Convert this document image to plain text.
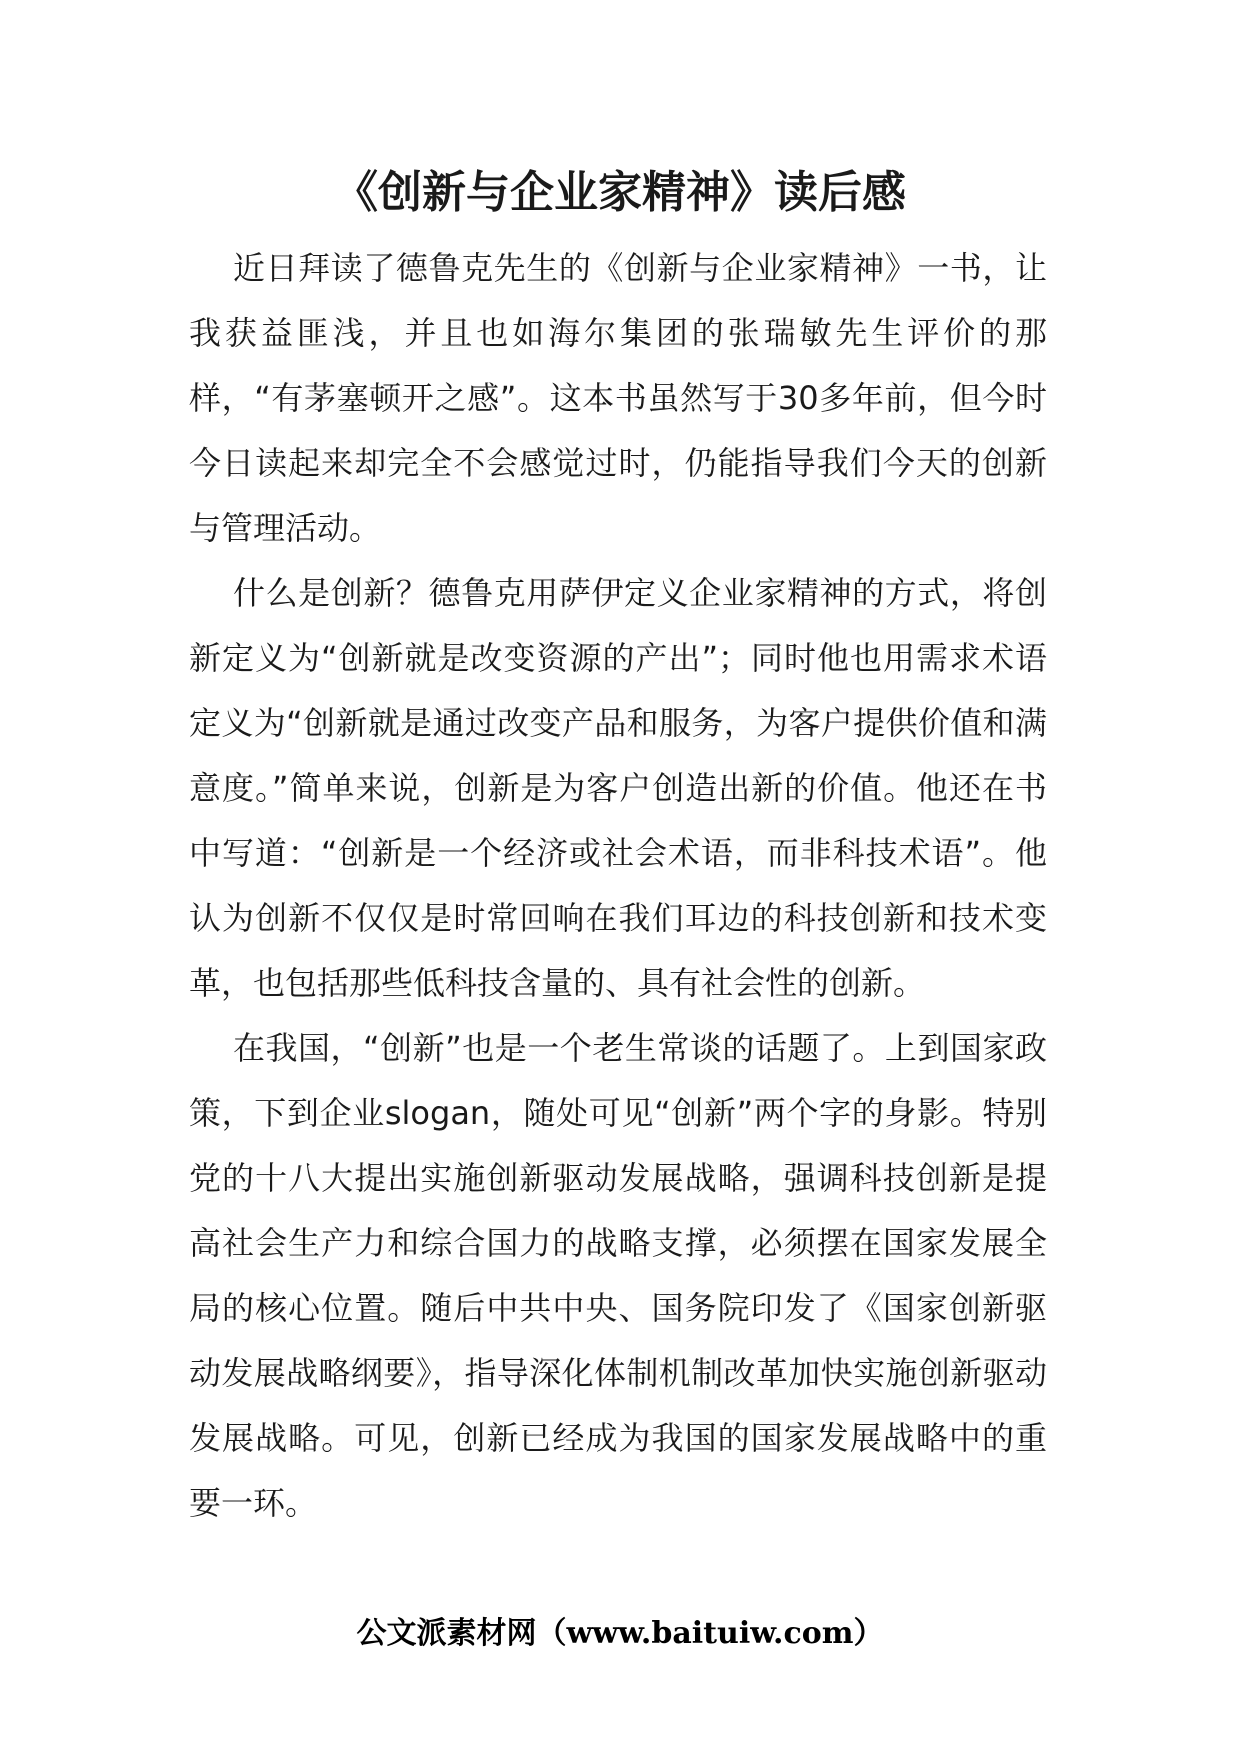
《创新与企业家精神》读后感

近日拜读了德鲁克先生的《创新与企业家精神》一书，让我获益匪浅，并且也如海尔集团的张瑞敏先生评价的那样，“有茅塞顿开之感”。这本书虽然写于30多年前，但今时今日读起来却完全不会感觉过时，仍能指导我们今天的创新与管理活动。

什么是创新？德鲁克用萨伊定义企业家精神的方式，将创新定义为“创新就是改变资源的产出”；同时他也用需求术语定义为“创新就是通过改变产品和服务，为客户提供价值和满意度。”简单来说，创新是为客户创造出新的价值。他还在书中写道：“创新是一个经济或社会术语，而非科技术语”。他认为创新不仅仅是时常回响在我们耳边的科技创新和技术变革，也包括那些低科技含量的、具有社会性的创新。

在我国，“创新”也是一个老生常谈的话题了。上到国家政策，下到企业slogan，随处可见“创新”两个字的身影。特别党的十八大提出实施创新驱动发展战略，强调科技创新是提高社会生产力和综合国力的战略支撑，必须摆在国家发展全局的核心位置。随后中共中央、国务院印发了《国家创新驱动发展战略纲要》，指导深化体制机制改革加快实施创新驱动发展战略。可见，创新已经成为我国的国家发展战略中的重要一环。

公文派素材网（www.baituiw.com）
